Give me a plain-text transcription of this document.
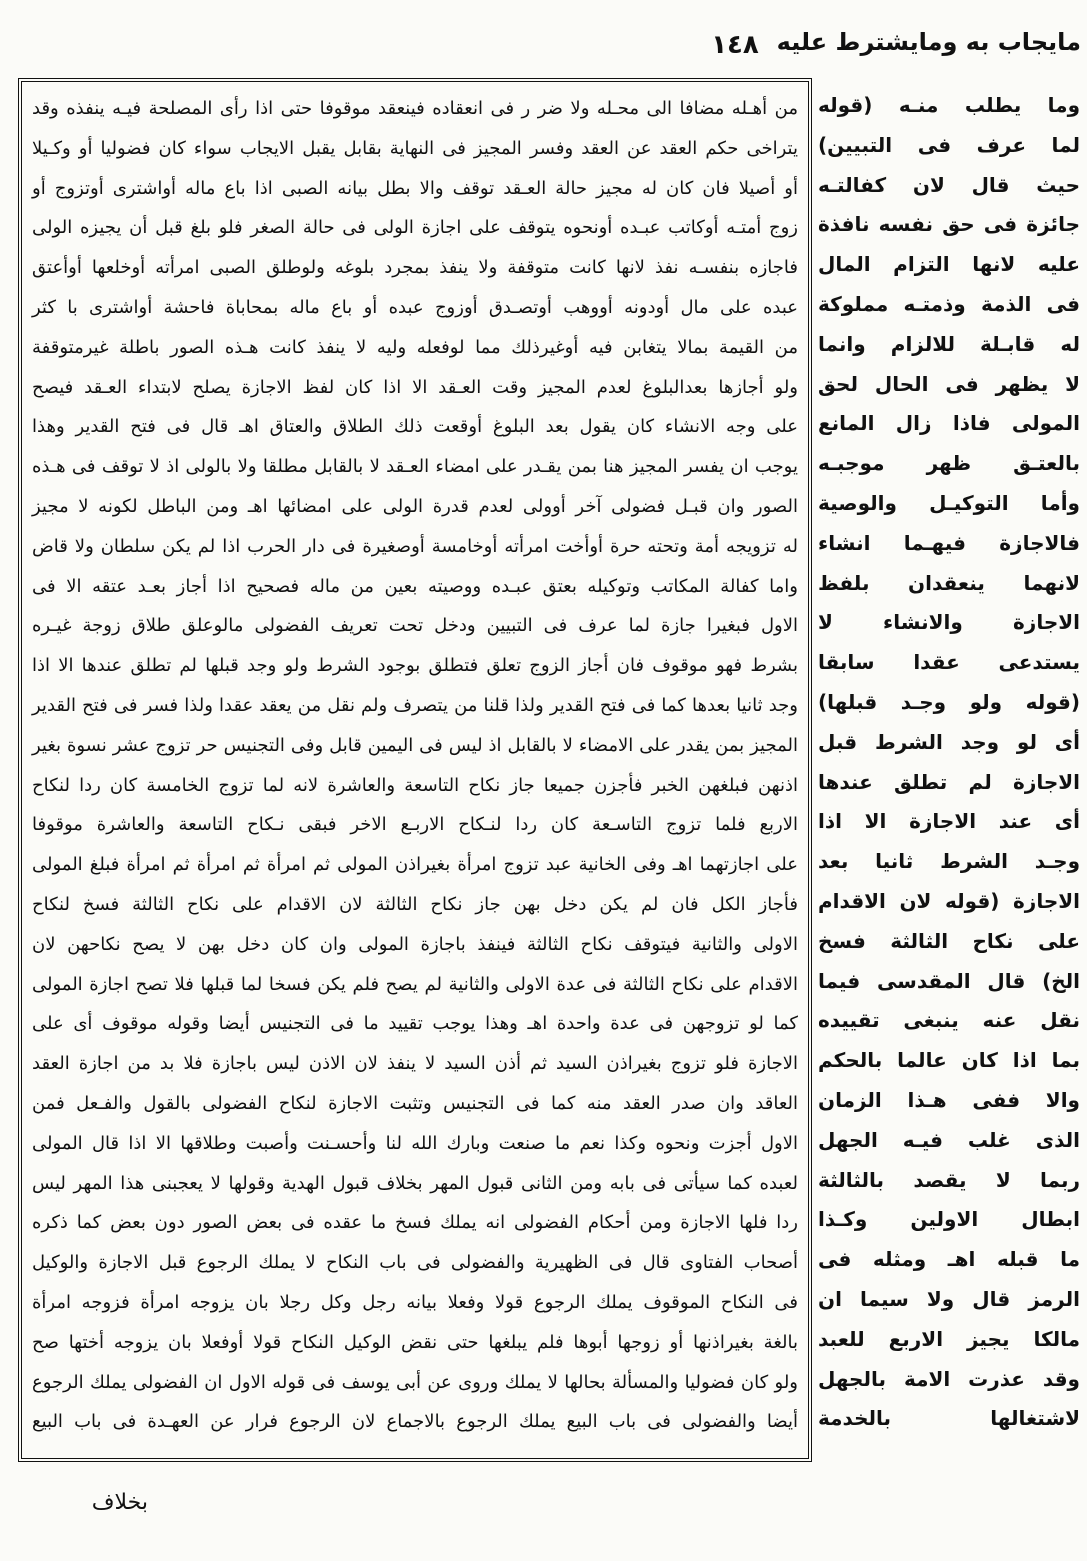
مايجاب به ومايشترط عليه
١٤٨
من أهـله مضافا الى محـله ولا ضر ر فى انعقاده فينعقد موقوفا حتى اذا رأى المصلحة فيـه ينفذه وقد
يتراخى حكم العقد عن العقد وفسر المجيز فى النهاية بقابل يقبل الايجاب سواء كان فضوليا أو وكـيلا
أو أصيلا فان كان له مجيز حالة العـقد توقف والا بطل بيانه الصبى اذا باع ماله أواشترى أوتزوج أو
زوج أمتـه أوكاتب عبـده أونحوه يتوقف على اجازة الولى فى حالة الصغر فلو بلغ قبل أن يجيزه الولى
فاجازه بنفسـه نفذ لانها كانت متوقفة ولا ينفذ بمجرد بلوغه ولوطلق الصبى امرأته أوخلعها أوأعتق
عبده على مال أودونه أووهب أوتصـدق أوزوج عبده أو باع ماله بمحاباة فاحشة أواشترى با كثر
من القيمة بمالا يتغابن فيه أوغيرذلك مما لوفعله وليه لا ينفذ كانت هـذه الصور باطلة غيرمتوقفة
ولو أجازها بعدالبلوغ لعدم المجيز وقت العـقد الا اذا كان لفظ الاجازة يصلح لابتداء العـقد فيصح
على وجه الانشاء كان يقول بعد البلوغ أوقعت ذلك الطلاق والعتاق اهـ قال فى فتح القدير وهذا
يوجب ان يفسر المجيز هنا بمن يقـدر على امضاء العـقد لا بالقابل مطلقا ولا بالولى اذ لا توقف فى هـذه
الصور وان قبـل فضولى آخر أوولى لعدم قدرة الولى على امضائها اهـ ومن الباطل لكونه لا مجيز
له تزويجه أمة وتحته حرة أوأخت امرأته أوخامسة أوصغيرة فى دار الحرب اذا لم يكن سلطان ولا قاض
واما كفالة المكاتب وتوكيله بعتق عبـده ووصيته بعين من ماله فصحيح اذا أجاز بعـد عتقه الا فى
الاول فبغيرا جازة لما عرف فى التبيين ودخل تحت تعريف الفضولى مالوعلق طلاق زوجة غيـره
بشرط فهو موقوف فان أجاز الزوج تعلق فتطلق بوجود الشرط ولو وجد قبلها لم تطلق عندها الا اذا
وجد ثانيا بعدها كما فى فتح القدير ولذا قلنا من يتصرف ولم نقل من يعقد عقدا ولذا فسر فى فتح القدير
المجيز بمن يقدر على الامضاء لا بالقابل اذ ليس فى اليمين قابل وفى التجنيس حر تزوج عشر نسوة بغير
اذنهن فبلغهن الخبر فأجزن جميعا جاز نكاح التاسعة والعاشرة لانه لما تزوج الخامسة كان ردا لنكاح
الاربع فلما تزوج التاسـعة كان ردا لنـكاح الاربـع الاخر فبقى نـكاح التاسعة والعاشرة موقوفا
على اجازتهما اهـ وفى الخانية عبد تزوج امرأة بغيراذن المولى ثم امرأة ثم امرأة ثم امرأة فبلغ المولى
فأجاز الكل فان لم يكن دخل بهن جاز نكاح الثالثة لان الاقدام على نكاح الثالثة فسخ لنكاح
الاولى والثانية فيتوقف نكاح الثالثة فينفذ باجازة المولى وان كان دخل بهن لا يصح نكاحهن لان
الاقدام على نكاح الثالثة فى عدة الاولى والثانية لم يصح فلم يكن فسخا لما قبلها فلا تصح اجازة المولى
كما لو تزوجهن فى عدة واحدة اهـ وهذا يوجب تقييد ما فى التجنيس أيضا وقوله موقوف أى على
الاجازة فلو تزوج بغيراذن السيد ثم أذن السيد لا ينفذ لان الاذن ليس باجازة فلا بد من اجازة العقد
العاقد وان صدر العقد منه كما فى التجنيس وتثبت الاجازة لنكاح الفضولى بالقول والفـعل فمن
الاول أجزت ونحوه وكذا نعم ما صنعت وبارك الله لنا وأحسـنت وأصبت وطلاقها الا اذا قال المولى
لعبده كما سيأتى فى بابه ومن الثانى قبول المهر بخلاف قبول الهدية وقولها لا يعجبنى هذا المهر ليس
ردا فلها الاجازة ومن أحكام الفضولى انه يملك فسخ ما عقده فى بعض الصور دون بعض كما ذكره
أصحاب الفتاوى قال فى الظهيرية والفضولى فى باب النكاح لا يملك الرجوع قبل الاجازة والوكيل
فى النكاح الموقوف يملك الرجوع قولا وفعلا بيانه رجل وكل رجلا بان يزوجه امرأة فزوجه امرأة
بالغة بغيراذنها أو زوجها أبوها فلم يبلغها حتى نقض الوكيل النكاح قولا أوفعلا بان يزوجه أختها صح
ولو كان فضوليا والمسألة بحالها لا يملك وروى عن أبى يوسف فى قوله الاول ان الفضولى يملك الرجوع
أيضا والفضولى فى باب البيع يملك الرجوع بالاجماع لان الرجوع فرار عن العهـدة فى باب البيع
وما يطلب منـه (قوله
لما عرف فى التبيين)
حيث قال لان كفالتـه
جائزة فى حق نفسه نافذة
عليه لانها التزام المال
فى الذمة وذمتـه مملوكة
له قابـلة للالزام وانما
لا يظهر فى الحال لحق
المولى فاذا زال المانع
بالعتـق ظهر موجبـه
وأما التوكيـل والوصية
فالاجازة فيهـما انشاء
لانهما ينعقدان بلفظ
الاجازة والانشاء لا
يستدعى عقدا سابقا
(قوله ولو وجـد قبلها)
أى لو وجد الشرط قبل
الاجازة لم تطلق عندها
أى عند الاجازة الا اذا
وجـد الشرط ثانيا بعد
الاجازة (قوله لان الاقدام
على نكاح الثالثة فسخ
الخ) قال المقدسى فيما
نقل عنه ينبغى تقييده
بما اذا كان عالما بالحكم
والا ففى هـذا الزمان
الذى غلب فيـه الجهل
ربما لا يقصد بالثالثة
ابطال الاولين وكـذا
ما قبله اهـ ومثله فى
الرمز قال ولا سيما ان
مالكا يجيز الاربع للعبد
وقد عذرت الامة بالجهل
لاشتغالها بالخدمة
بخلاف
